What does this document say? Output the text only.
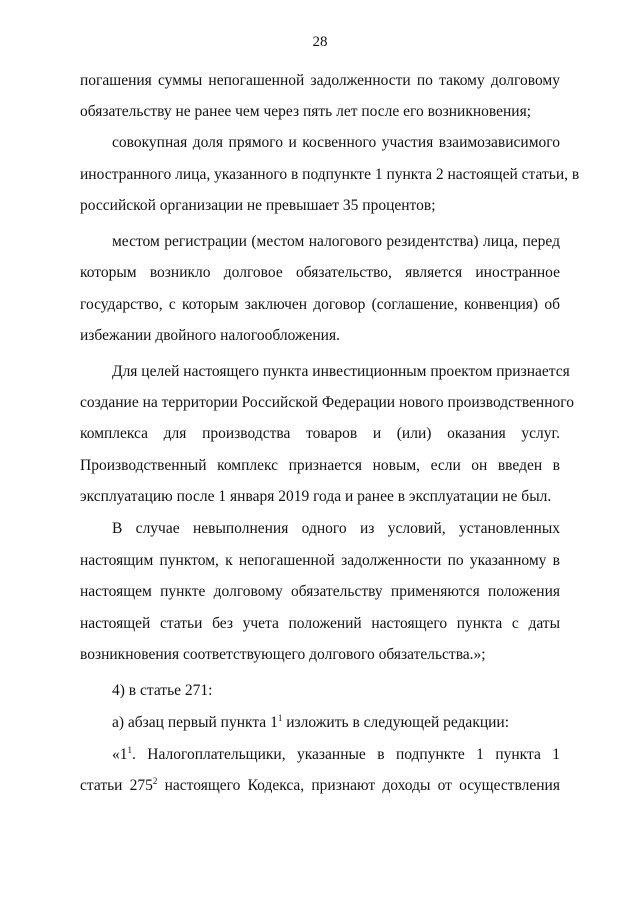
28
погашения суммы непогашенной задолженности по такому долговому
обязательству не ранее чем через пять лет после его возникновения;
совокупная доля прямого и косвенного участия взаимозависимого
иностранного лица, указанного в подпункте 1 пункта 2 настоящей статьи, в
российской организации не превышает 35 процентов;
местом регистрации (местом налогового резидентства) лица, перед
которым возникло долговое обязательство, является иностранное
государство, с которым заключен договор (соглашение, конвенция) об
избежании двойного налогообложения.
Для целей настоящего пункта инвестиционным проектом признается
создание на территории Российской Федерации нового производственного
комплекса для производства товаров и (или) оказания услуг.
Производственный комплекс признается новым, если он введен в
эксплуатацию после 1 января 2019 года и ранее в эксплуатации не был.
В случае невыполнения одного из условий, установленных
настоящим пунктом, к непогашенной задолженности по указанному в
настоящем пункте долговому обязательству применяются положения
настоящей статьи без учета положений настоящего пункта с даты
возникновения соответствующего долгового обязательства.»;
4) в статье 271:
а) абзац первый пункта $1^1$ изложить в следующей редакции:
«$1^1$. Налогоплательщики, указанные в подпункте 1 пункта 1
статьи $275^2$ настоящего Кодекса, признают доходы от осуществления
